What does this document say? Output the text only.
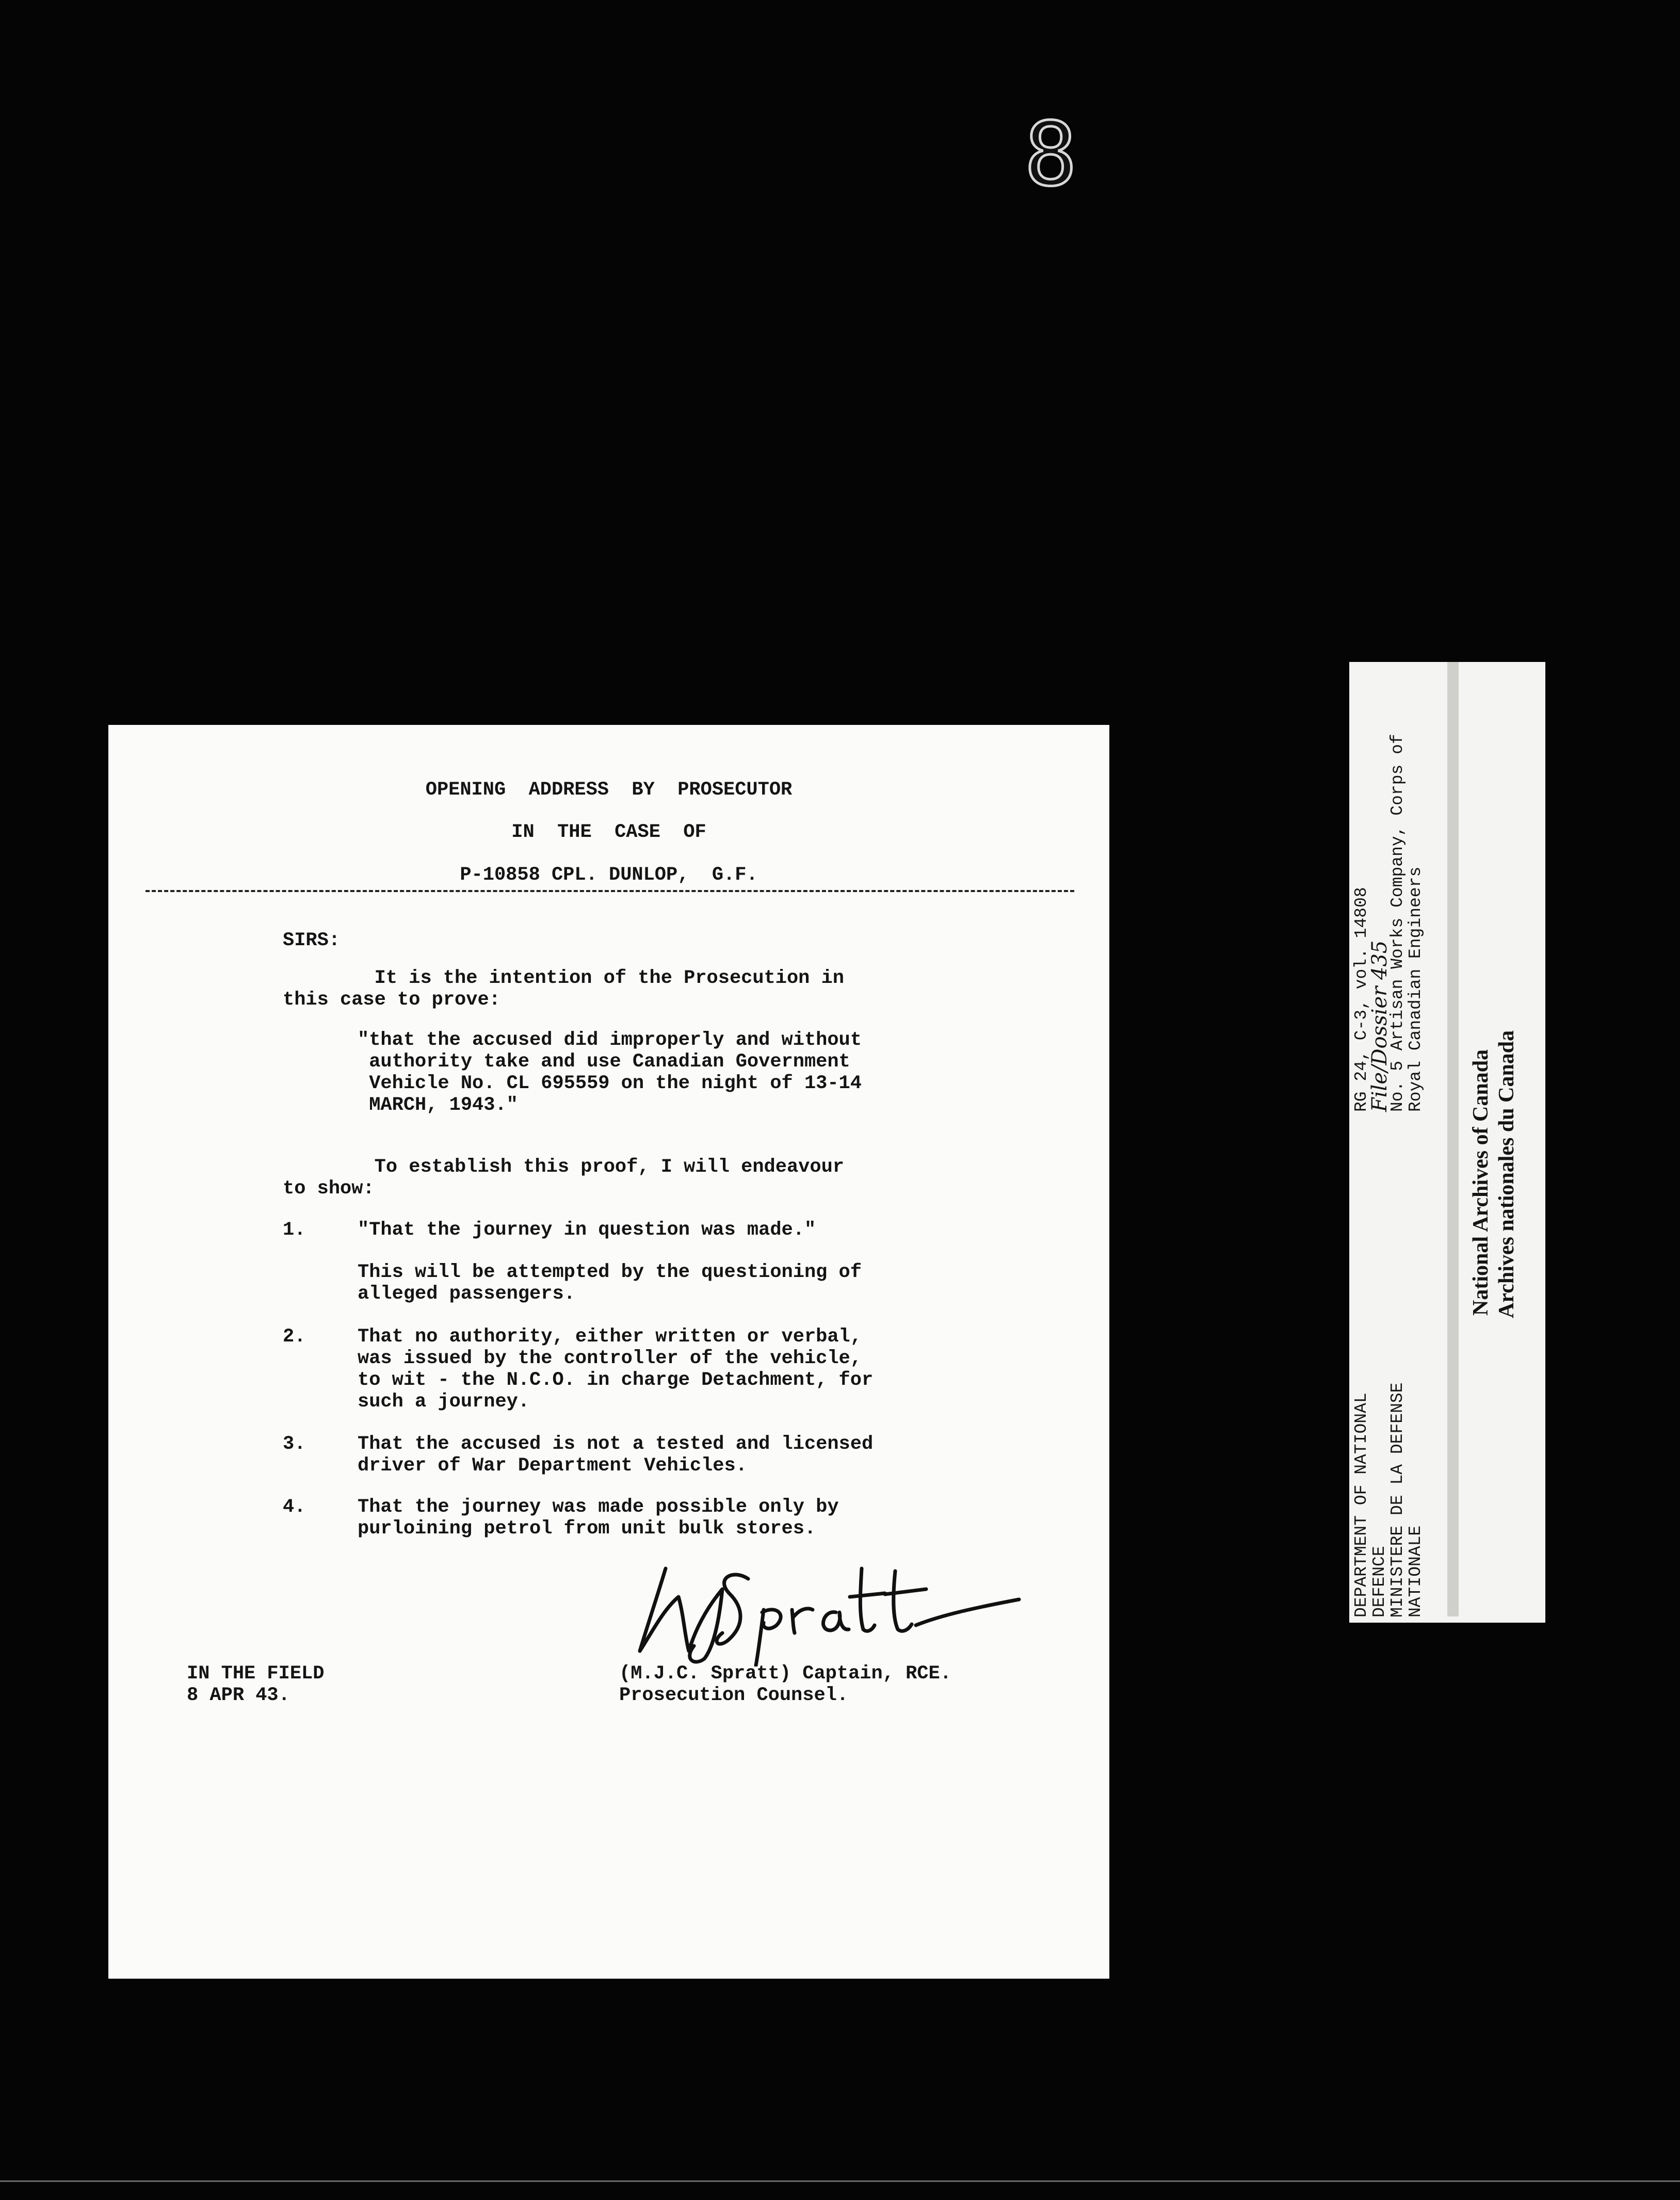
8
OPENING  ADDRESS  BY  PROSECUTOR
IN  THE  CASE  OF
P-10858 CPL. DUNLOP,  G.F.
SIRS:
It is the intention of the Prosecution in
this case to prove:
"that the accused did improperly and without
authority take and use Canadian Government
Vehicle No. CL 695559 on the night of 13-14
MARCH, 1943."
To establish this proof, I will endeavour
to show:
1.	"That the journey in question was made."
This will be attempted by the questioning of
alleged passengers.
2.	That no authority, either written or verbal,
was issued by the controller of the vehicle,
to wit - the N.C.O. in charge Detachment, for
such a journey.
3.	That the accused is not a tested and licensed
driver of War Department Vehicles.
4.	That the journey was made possible only by
purloining petrol from unit bulk stores.
IN THE FIELD
8 APR 43.
(M.J.C. Spratt) Captain, RCE.
Prosecution Counsel.
DEPARTMENT OF NATIONAL
DEFENCE
MINISTERE DE LA DEFENSE
NATIONALE
RG 24, C-3, vol. 14808
File/Dossier 435
No. 5 Artisan Works Company, Corps of
Royal Canadian Engineers
National Archives of Canada Archives nationales du Canada
